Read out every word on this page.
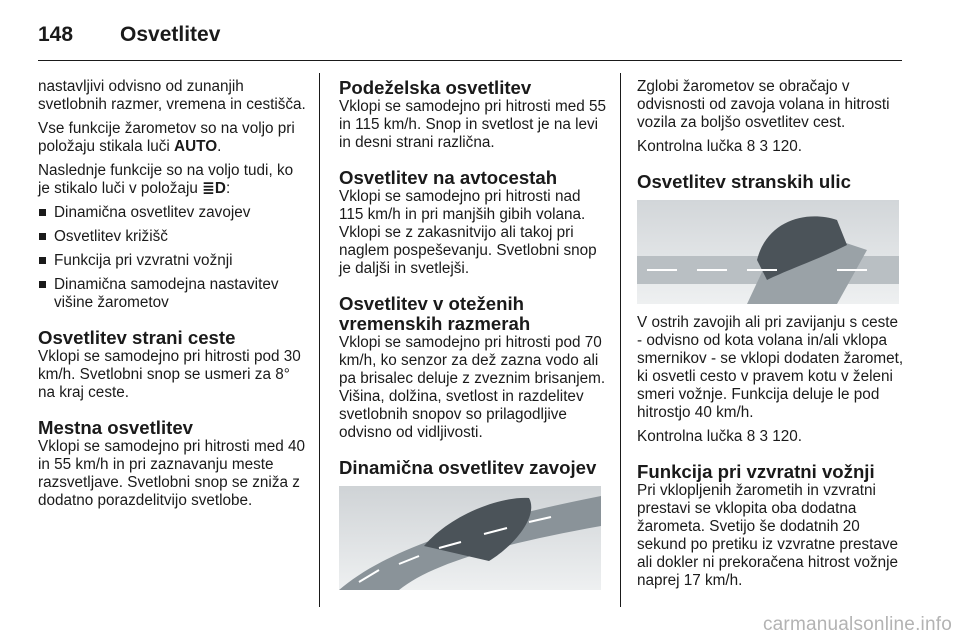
148	Osvetlitev

nastavljivi odvisno od zunanjih svetlobnih razmer, vremena in cestišča.

Vse funkcije žarometov so na voljo pri položaju stikala luči AUTO.

Naslednje funkcije so na voljo tudi, ko je stikalo luči v položaju ≣D:

Dinamična osvetlitev zavojev
Osvetlitev križišč
Funkcija pri vzvratni vožnji
Dinamična samodejna nastavitev višine žarometov
Osvetlitev strani ceste

Vklopi se samodejno pri hitrosti pod 30 km/h. Svetlobni snop se usmeri za 8° na kraj ceste.

Mestna osvetlitev

Vklopi se samodejno pri hitrosti med 40 in 55 km/h in pri zaznavanju meste razsvetljave. Svetlobni snop se zniža z dodatno porazdelitvijo svetlobe.

Podeželska osvetlitev

Vklopi se samodejno pri hitrosti med 55 in 115 km/h. Snop in svetlost je na levi in desni strani različna.

Osvetlitev na avtocestah

Vklopi se samodejno pri hitrosti nad 115 km/h in pri manjših gibih volana. Vklopi se z zakasnitvijo ali takoj pri naglem pospeševanju. Svetlobni snop je daljši in svetlejši.

Osvetlitev v oteženih vremenskih razmerah

Vklopi se samodejno pri hitrosti pod 70 km/h, ko senzor za dež zazna vodo ali pa brisalec deluje z zveznim brisanjem. Višina, dolžina, svetlost in razdelitev svetlobnih snopov so prilagodljive odvisno od vidljivosti.

Dinamična osvetlitev zavojev

Zglobi žarometov se obračajo v odvisnosti od zavoja volana in hitrosti vozila za boljšo osvetlitev cest.

Kontrolna lučka 8 3 120.

Osvetlitev stranskih ulic

V ostrih zavojih ali pri zavijanju s ceste - odvisno od kota volana in/ali vklopa smernikov - se vklopi dodaten žaromet, ki osvetli cesto v pravem kotu v želeni smeri vožnje. Funkcija deluje le pod hitrostjo 40 km/h.

Kontrolna lučka 8 3 120.

Funkcija pri vzvratni vožnji

Pri vklopljenih žarometih in vzvratni prestavi se vklopita oba dodatna žarometa. Svetijo še dodatnih 20 sekund po pretiku iz vzvratne prestave ali dokler ni prekoračena hitrost vožnje naprej 17 km/h.

carmanualsonline.info
